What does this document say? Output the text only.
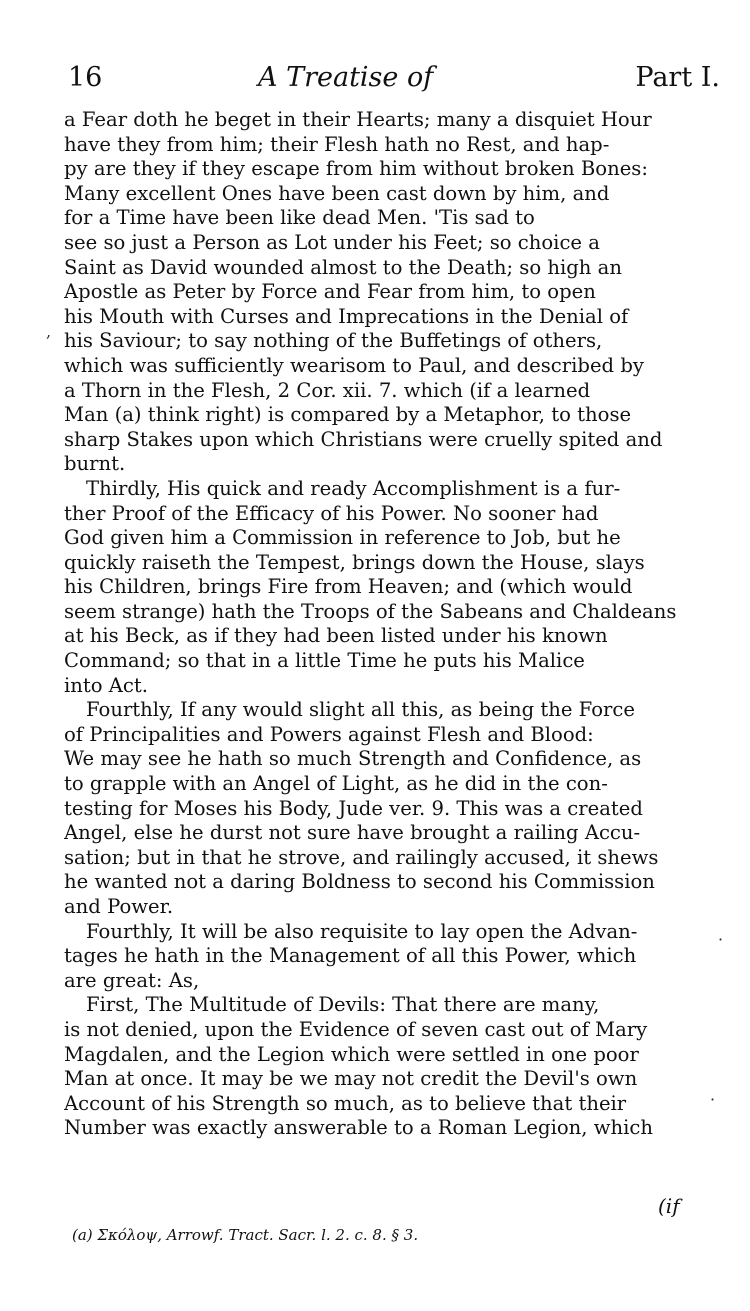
16	A Treatise of	Part I.
a Fear doth he beget in their Hearts; many a disquiet Hour
have they from him; their Flesh hath no Rest, and hap-
py are they if they escape from him without broken Bones:
Many excellent Ones have been cast down by him, and
for a Time have been like dead Men. 'Tis sad to
see so just a Person as Lot under his Feet; so choice a
Saint as David wounded almost to the Death; so high an
Apostle as Peter by Force and Fear from him, to open
his Mouth with Curses and Imprecations in the Denial of
his Saviour; to say nothing of the Buffetings of others,
which was sufficiently wearisom to Paul, and described by
a Thorn in the Flesh, 2 Cor. xii. 7. which (if a learned
Man (a) think right) is compared by a Metaphor, to those
sharp Stakes upon which Christians were cruelly spited and
burnt.
Thirdly, His quick and ready Accomplishment is a fur-
ther Proof of the Efficacy of his Power. No sooner had
God given him a Commission in reference to Job, but he
quickly raiseth the Tempest, brings down the House, slays
his Children, brings Fire from Heaven; and (which would
seem strange) hath the Troops of the Sabeans and Chaldeans
at his Beck, as if they had been listed under his known
Command; so that in a little Time he puts his Malice
into Act.
Fourthly, If any would slight all this, as being the Force
of Principalities and Powers against Flesh and Blood:
We may see he hath so much Strength and Confidence, as
to grapple with an Angel of Light, as he did in the con-
testing for Moses his Body, Jude ver. 9. This was a created
Angel, else he durst not sure have brought a railing Accu-
sation; but in that he strove, and railingly accused, it shews
he wanted not a daring Boldness to second his Commission
and Power.
Fourthly, It will be also requisite to lay open the Advan-
tages he hath in the Management of all this Power, which
are great: As,
First, The Multitude of Devils: That there are many,
is not denied, upon the Evidence of seven cast out of Mary
Magdalen, and the Legion which were settled in one poor
Man at once. It may be we may not credit the Devil's own
Account of his Strength so much, as to believe that their
Number was exactly answerable to a Roman Legion, which
(if
(a) Σκόλοψ, Arrowf. Tract. Sacr. l. 2. c. 8. § 3.
,
·
·
